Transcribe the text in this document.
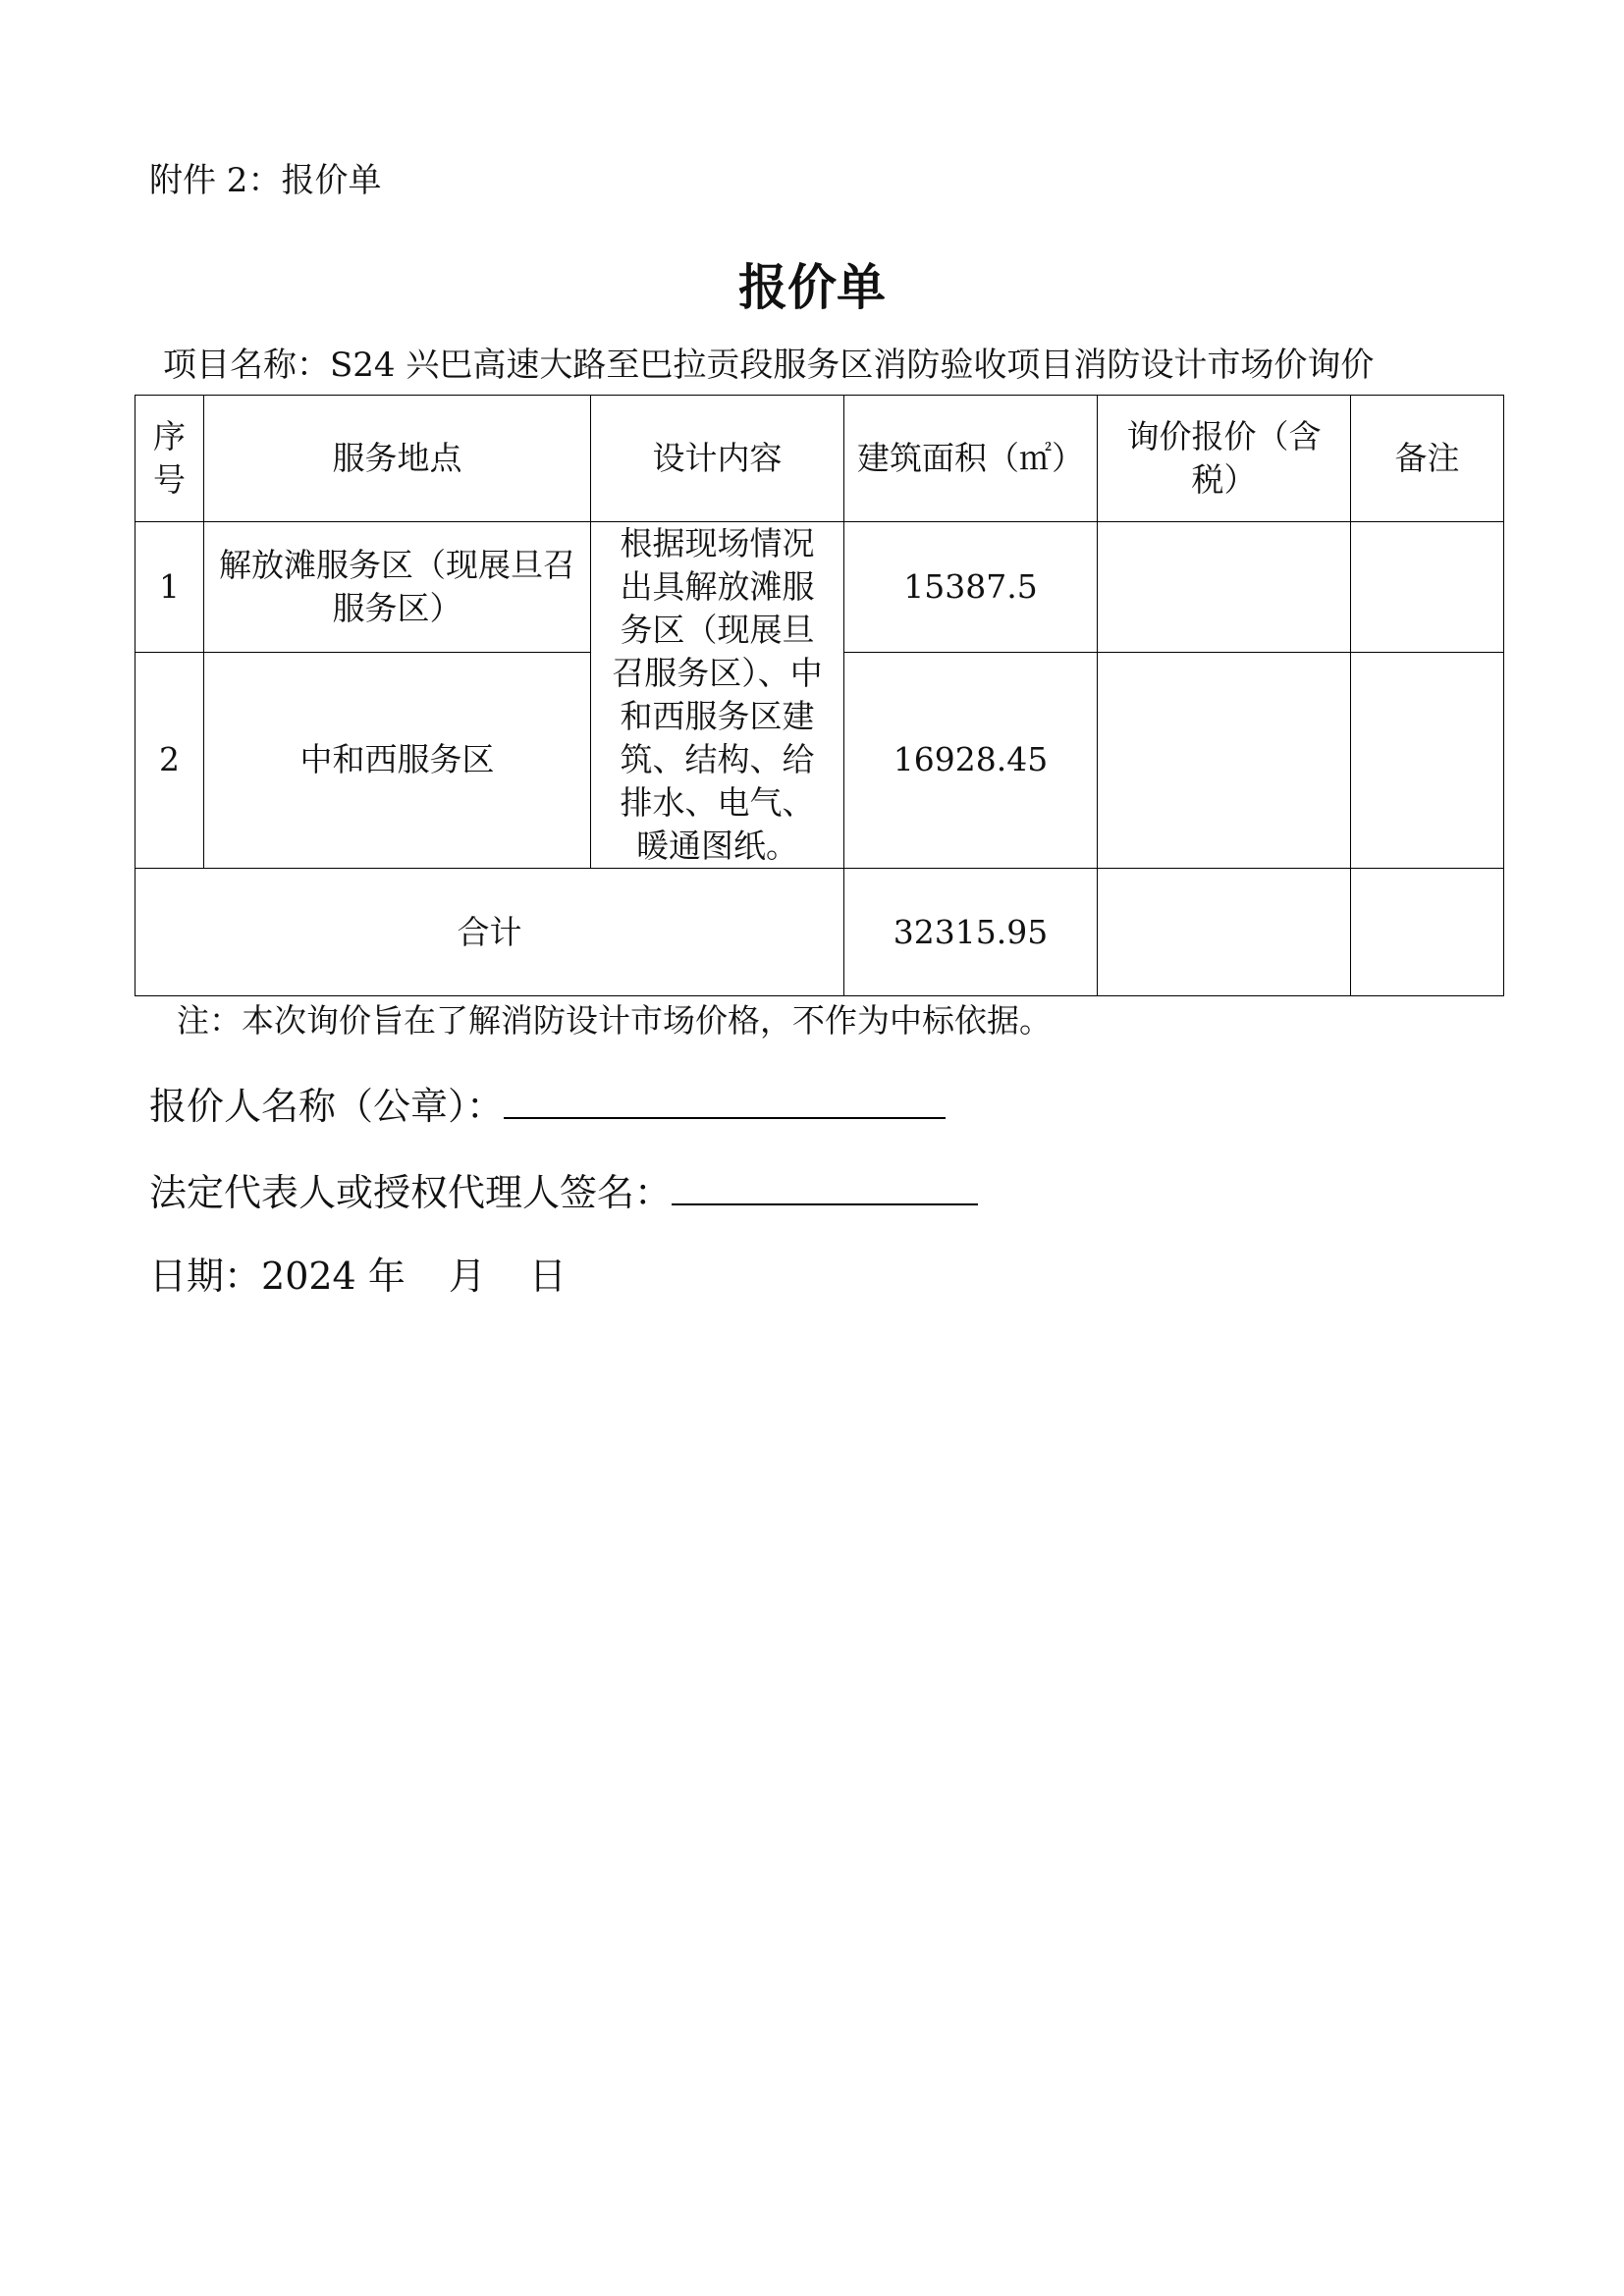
附件 2：报价单
报价单
项目名称：S24 兴巴高速大路至巴拉贡段服务区消防验收项目消防设计市场价询价
序号	服务地点	设计内容	建筑面积（㎡）	询价报价（含税）	备注
1	解放滩服务区（现展旦召服务区）	根据现场情况出具解放滩服务区（现展旦召服务区）、中和西服务区建筑、结构、给排水、电气、暖通图纸。	15387.5		
2	中和西服务区		16928.45		
合计			32315.95		
注：本次询价旨在了解消防设计市场价格，不作为中标依据。
报价人名称（公章）：
法定代表人或授权代理人签名：
日期：2024 年 月 日
